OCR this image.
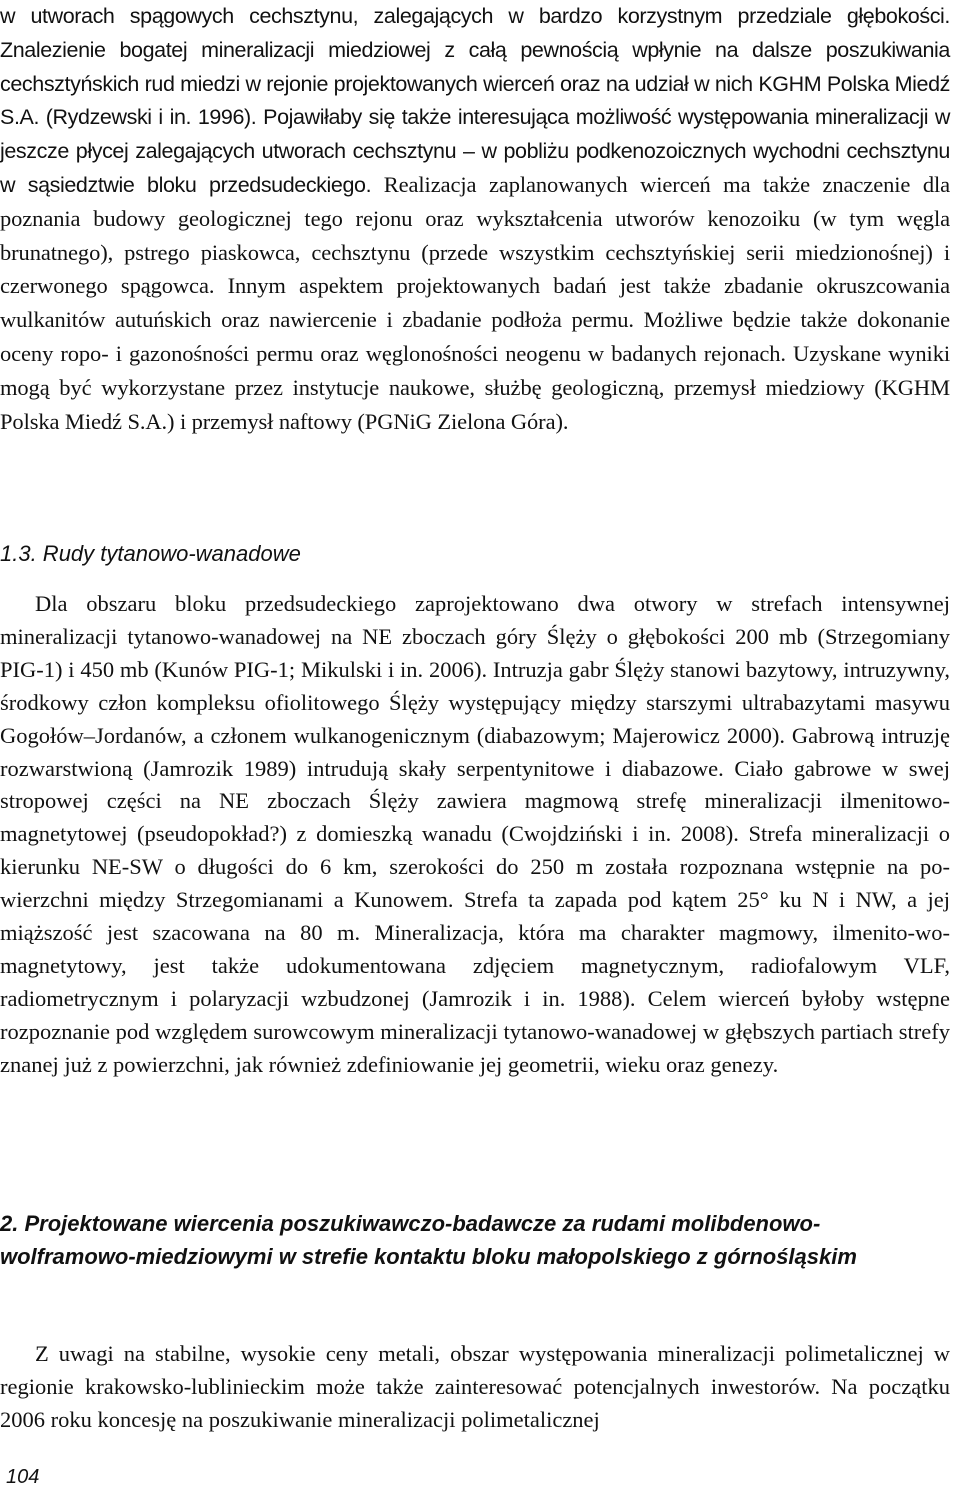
w utworach spągowych cechsztynu, zalegających w bardzo korzystnym przedziale głębokości. Znalezienie bogatej mineralizacji miedziowej z całą pewnością wpłynie na dalsze poszukiwania cechsztyńskich rud miedzi w rejonie projektowanych wierceń oraz na udział w nich KGHM Polska Miedź S.A. (Rydzewski i in. 1996). Pojawiłaby się także interesująca możliwość występowania mineralizacji w jeszcze płycej zalegających utworach cechsztynu – w pobliżu podkenozoicznych wychodni cechsztynu w sąsiedztwie bloku przedsudeckiego. Realizacja zaplanowanych wierceń ma także znaczenie dla poznania budowy geologicznej tego rejonu oraz wykształcenia utworów kenozoiku (w tym węgla brunatnego), pstrego piaskowca, cechsztynu (przede wszystkim cechsztyńskiej serii miedzionośnej) i czerwonego spągowca. Innym aspektem projektowanych badań jest także zbadanie okruszcowania wulkanitów autuńskich oraz nawiercenie i zbadanie podłoża permu. Możliwe będzie także dokonanie oceny ropo- i gazonośności permu oraz węglonośności neogenu w badanych rejonach. Uzyskane wyniki mogą być wykorzystane przez instytucje naukowe, służbę geologiczną, przemysł miedziowy (KGHM Polska Miedź S.A.) i przemysł naftowy (PGNiG Zielona Góra).

1.3. Rudy tytanowo-wanadowe

Dla obszaru bloku przedsudeckiego zaprojektowano dwa otwory w strefach intensywnej mineralizacji tytanowo-wanadowej na NE zboczach góry Ślęży o głębokości 200 mb (Strzegomiany PIG-1) i 450 mb (Kunów PIG-1; Mikulski i in. 2006). Intruzja gabr Ślęży stanowi bazytowy, intruzywny, środkowy człon kompleksu ofiolitowego Ślęży występujący między starszymi ultrabazytami masywu Gogołów–Jordanów, a członem wulkanogenicznym (diabazowym; Majerowicz 2000). Gabrową intruzję rozwarstwioną (Jamrozik 1989) intrudują skały serpentynitowe i diabazowe. Ciało gabrowe w swej stropowej części na NE zboczach Ślęży zawiera magmową strefę mineralizacji ilmenitowo-magnetytowej (pseudopokład?) z domieszką wanadu (Cwojdziński i in. 2008). Strefa mineralizacji o kierunku NE-SW o długości do 6 km, szerokości do 250 m została rozpoznana wstępnie na po- wierzchni między Strzegomianami a Kunowem. Strefa ta zapada pod kątem 25° ku N i NW, a jej miąższość jest szacowana na 80 m. Mineralizacja, która ma charakter magmowy, ilmenito-wo-magnetytowy, jest także udokumentowana zdjęciem magnetycznym, radiofalowym VLF, radiometrycznym i polaryzacji wzbudzonej (Jamrozik i in. 1988). Celem wierceń byłoby wstępne rozpoznanie pod względem surowcowym mineralizacji tytanowo-wanadowej w głębszych partiach strefy znanej już z powierzchni, jak również zdefiniowanie jej geometrii, wieku oraz genezy.

2. Projektowane wiercenia poszukiwawczo-badawcze za rudami molibdenowo-wolframowo-miedziowymi w strefie kontaktu bloku małopolskiego z górnośląskim

Z uwagi na stabilne, wysokie ceny metali, obszar występowania mineralizacji polimetalicznej w regionie krakowsko-lublinieckim może także zainteresować potencjalnych inwestorów. Na początku 2006 roku koncesję na poszukiwanie mineralizacji polimetalicznej

104
